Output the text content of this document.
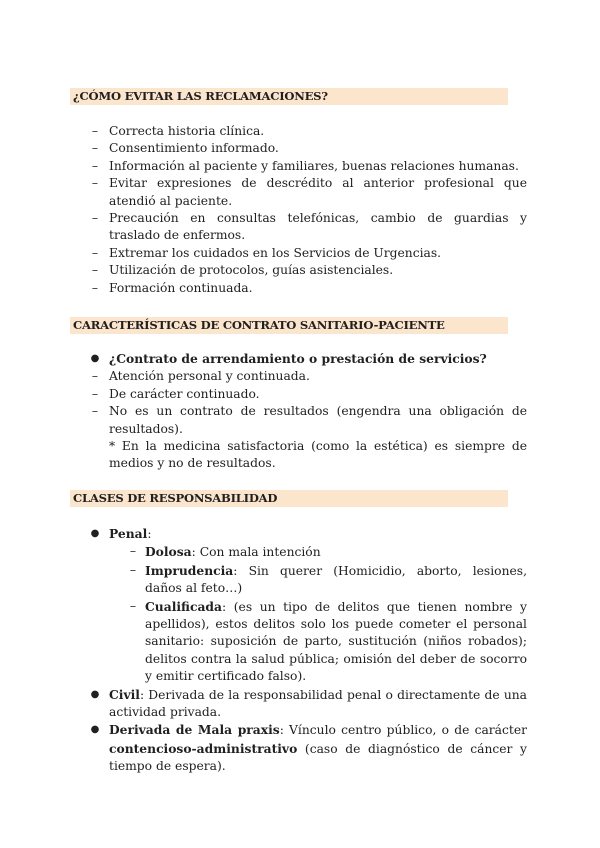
¿CÓMO EVITAR LAS RECLAMACIONES?
– Correcta historia clínica.
– Consentimiento informado.
– Información al paciente y familiares, buenas relaciones humanas.
– Evitar expresiones de descrédito al anterior profesional que atendió al paciente.
– Precaución en consultas telefónicas, cambio de guardias y traslado de enfermos.
– Extremar los cuidados en los Servicios de Urgencias.
– Utilización de protocolos, guías asistenciales.
– Formación continuada.
CARACTERÍSTICAS DE CONTRATO SANITARIO-PACIENTE
● ¿Contrato de arrendamiento o prestación de servicios?
– Atención personal y continuada.
– De carácter continuado.
– No es un contrato de resultados (engendra una obligación de resultados).
* En la medicina satisfactoria (como la estética) es siempre de medios y no de resultados.
CLASES DE RESPONSABILIDAD
● Penal:
– Dolosa: Con mala intención
– Imprudencia: Sin querer (Homicidio, aborto, lesiones, daños al feto…)
– Cualificada: (es un tipo de delitos que tienen nombre y apellidos), estos delitos solo los puede cometer el personal sanitario: suposición de parto, sustitución (niños robados); delitos contra la salud pública; omisión del deber de socorro y emitir certificado falso).
● Civil: Derivada de la responsabilidad penal o directamente de una actividad privada.
● Derivada de Mala praxis: Vínculo centro público, o de carácter contencioso-administrativo (caso de diagnóstico de cáncer y tiempo de espera).
